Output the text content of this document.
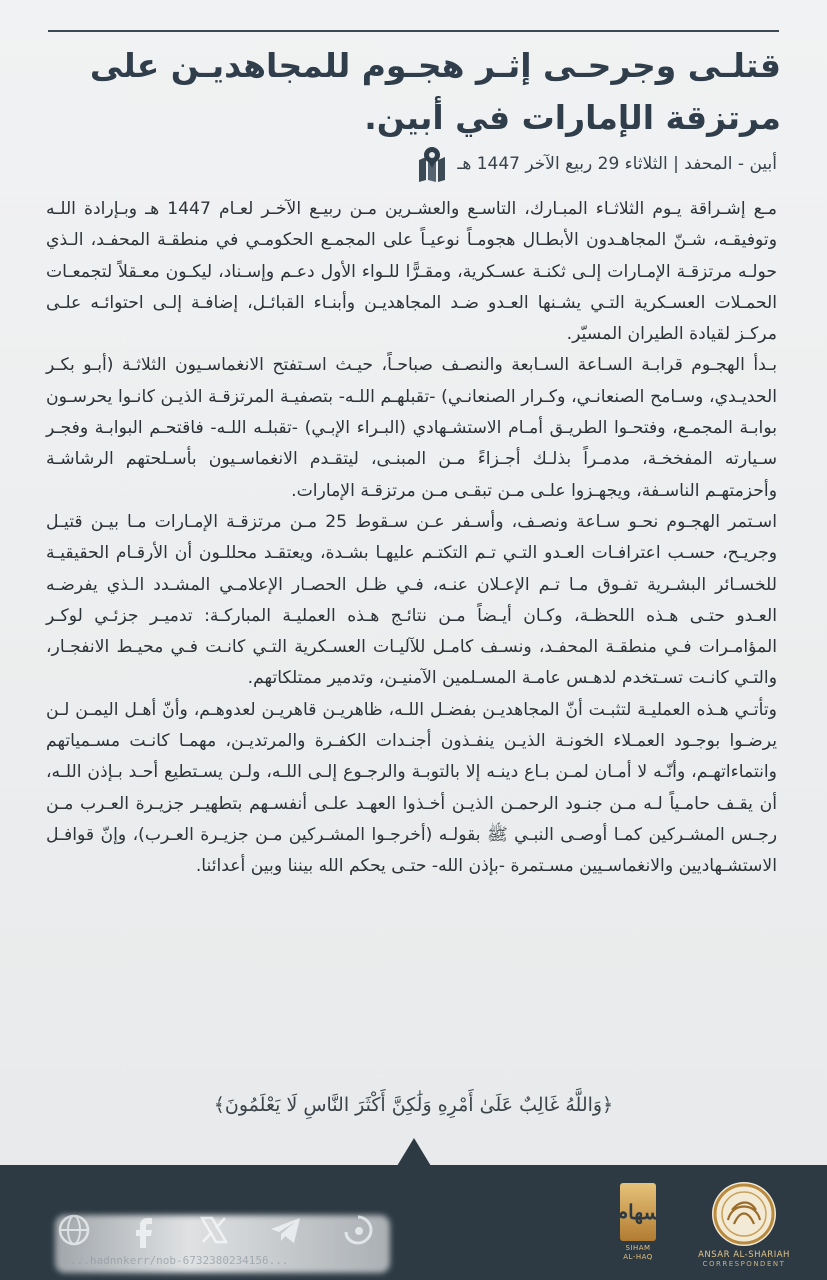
قتلـى وجرحـى إثـر هجـوم للمجاهديـن على مرتزقة الإمارات في أبين.
أبين - المحفد | الثلاثاء 29 ربيع الآخر 1447 هـ

مـع إشـراقة يـوم الثلاثـاء المبـارك، التاسـع والعشـرين مـن ربيـع الآخـر لعـام 1447 هـ وبـإرادة اللـه وتوفيقـه، شـنّ المجاهـدون الأبطـال هجومـاً نوعيـاً على المجمـع الحكومـي في منطقـة المحفـد، الـذي حولـه مرتزقـة الإمـارات إلـى ثكنـة عسـكرية، ومقـرًّا للـواء الأول دعـم وإسـناد، ليكـون معـقلاً لتجمعـات الحمـلات العسـكرية التـي يشـنها العـدو ضـد المجاهديـن وأبنـاء القبائـل، إضافـة إلـى احتوائـه علـى مركـز لقيادة الطيران المسيّر.

بـدأ الهجـوم قرابـة السـاعة السـابعة والنصـف صباحـاً، حيـث اسـتفتح الانغماسـيون الثلاثـة (أبـو بكـر الحديـدي، وسـامح الصنعانـي، وكـرار الصنعانـي) -تقبلهـم اللـه- بتصفيـة المرتزقـة الذيـن كانـوا يحرسـون بوابـة المجمـع، وفتحـوا الطريـق أمـام الاستشـهادي (البـراء الإبـي) -تقبلـه اللـه- فاقتحـم البوابـة وفجـر سـيارته المفخخـة، مدمـراً بذلـك أجـزاءً مـن المبنـى، ليتقـدم الانغماسـيون بأسـلحتهم الرشاشـة وأحزمتهـم الناسـفة، ويجهـزوا علـى مـن تبقـى مـن مرتزقـة الإمارات.

اسـتمر الهجـوم نحـو سـاعة ونصـف، وأسـفر عـن سـقوط 25 مـن مرتزقـة الإمـارات مـا بيـن قتيـل وجريـح، حسـب اعترافـات العـدو التـي تـم التكتـم عليهـا بشـدة، ويعتقـد محللـون أن الأرقـام الحقيقيـة للخسـائر البشـرية تفـوق مـا تـم الإعـلان عنـه، فـي ظـل الحصـار الإعلامـي المشـدد الـذي يفرضـه العـدو حتـى هـذه اللحظـة، وكـان أيـضاً مـن نتائـج هـذه العمليـة المباركـة: تدميـر جزئـي لوكـر المؤامـرات فـي منطقـة المحفـد، ونسـف كامـل للآليـات العسـكرية التـي كانـت فـي محيـط الانفجـار، والتـي كانـت تسـتخدم لدهـس عامـة المسـلمين الآمنيـن، وتدمير ممتلكاتهم.

وتأتـي هـذه العمليـة لتثبـت أنّ المجاهديـن بفضـل اللـه، ظاهريـن قاهريـن لعدوهـم، وأنّ أهـل اليمـن لـن يرضـوا بوجـود العمـلاء الخونـة الذيـن ينفـذون أجنـدات الكفـرة والمرتديـن، مهمـا كانـت مسـمياتهم وانتماءاتهـم، وأنّـه لا أمـان لمـن بـاع دينـه إلا بالتوبـة والرجـوع إلـى اللـه، ولـن يسـتطيع أحـد بـإذن اللـه، أن يقـف حامـياً لـه مـن جنـود الرحمـن الذيـن أخـذوا العهـد علـى أنفسـهم بتطهيـر جزيـرة العـرب مـن رجـس المشـركين كمـا أوصـى النبـي ﷺ بقولـه (أخرجـوا المشـركين مـن جزيـرة العـرب)، وإنّ قوافـل الاستشـهاديين والانغماسـيين مسـتمرة -بإذن الله- حتـى يحكم الله بيننا وبين أعدائنا.

﴿وَاللَّهُ غَالِبٌ عَلَىٰ أَمْرِهِ وَلَٰكِنَّ أَكْثَرَ النَّاسِ لَا يَعْلَمُونَ﴾
...hadnnkerr/nob-6732380234156...
سهام
SIHAM
AL-HAQ	ANSAR AL-SHARIAH
CORRESPONDENT
